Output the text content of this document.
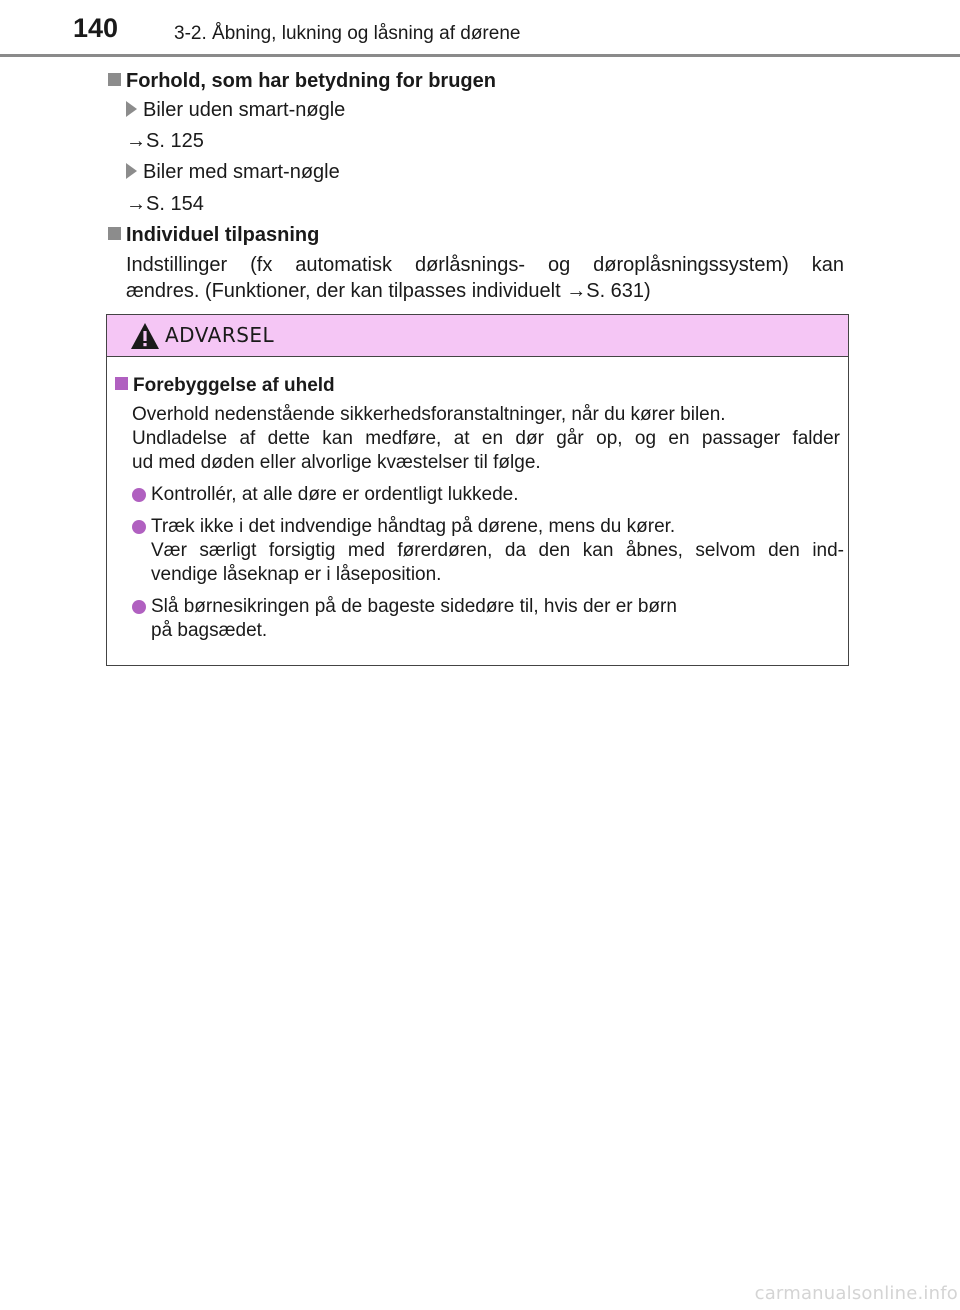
140	3-2. Åbning, lukning og låsning af dørene
Forhold, som har betydning for brugen
Biler uden smart-nøgle
→S. 125
Biler med smart-nøgle
→S. 154
Individuel tilpasning
Indstillinger (fx automatisk dørlåsnings- og døroplåsningssystem) kan
ændres. (Funktioner, der kan tilpasses individuelt →S. 631)
ADVARSEL
Forebyggelse af uheld
Overhold nedenstående sikkerhedsforanstaltninger, når du kører bilen.
Undladelse af dette kan medføre, at en dør går op, og en passager falder
ud med døden eller alvorlige kvæstelser til følge.
Kontrollér, at alle døre er ordentligt lukkede.
Træk ikke i det indvendige håndtag på dørene, mens du kører.
Vær særligt forsigtig med førerdøren, da den kan åbnes, selvom den ind-
vendige låseknap er i låseposition.
Slå børnesikringen på de bageste sidedøre til, hvis der er børn
på bagsædet.
carmanualsonline.info
